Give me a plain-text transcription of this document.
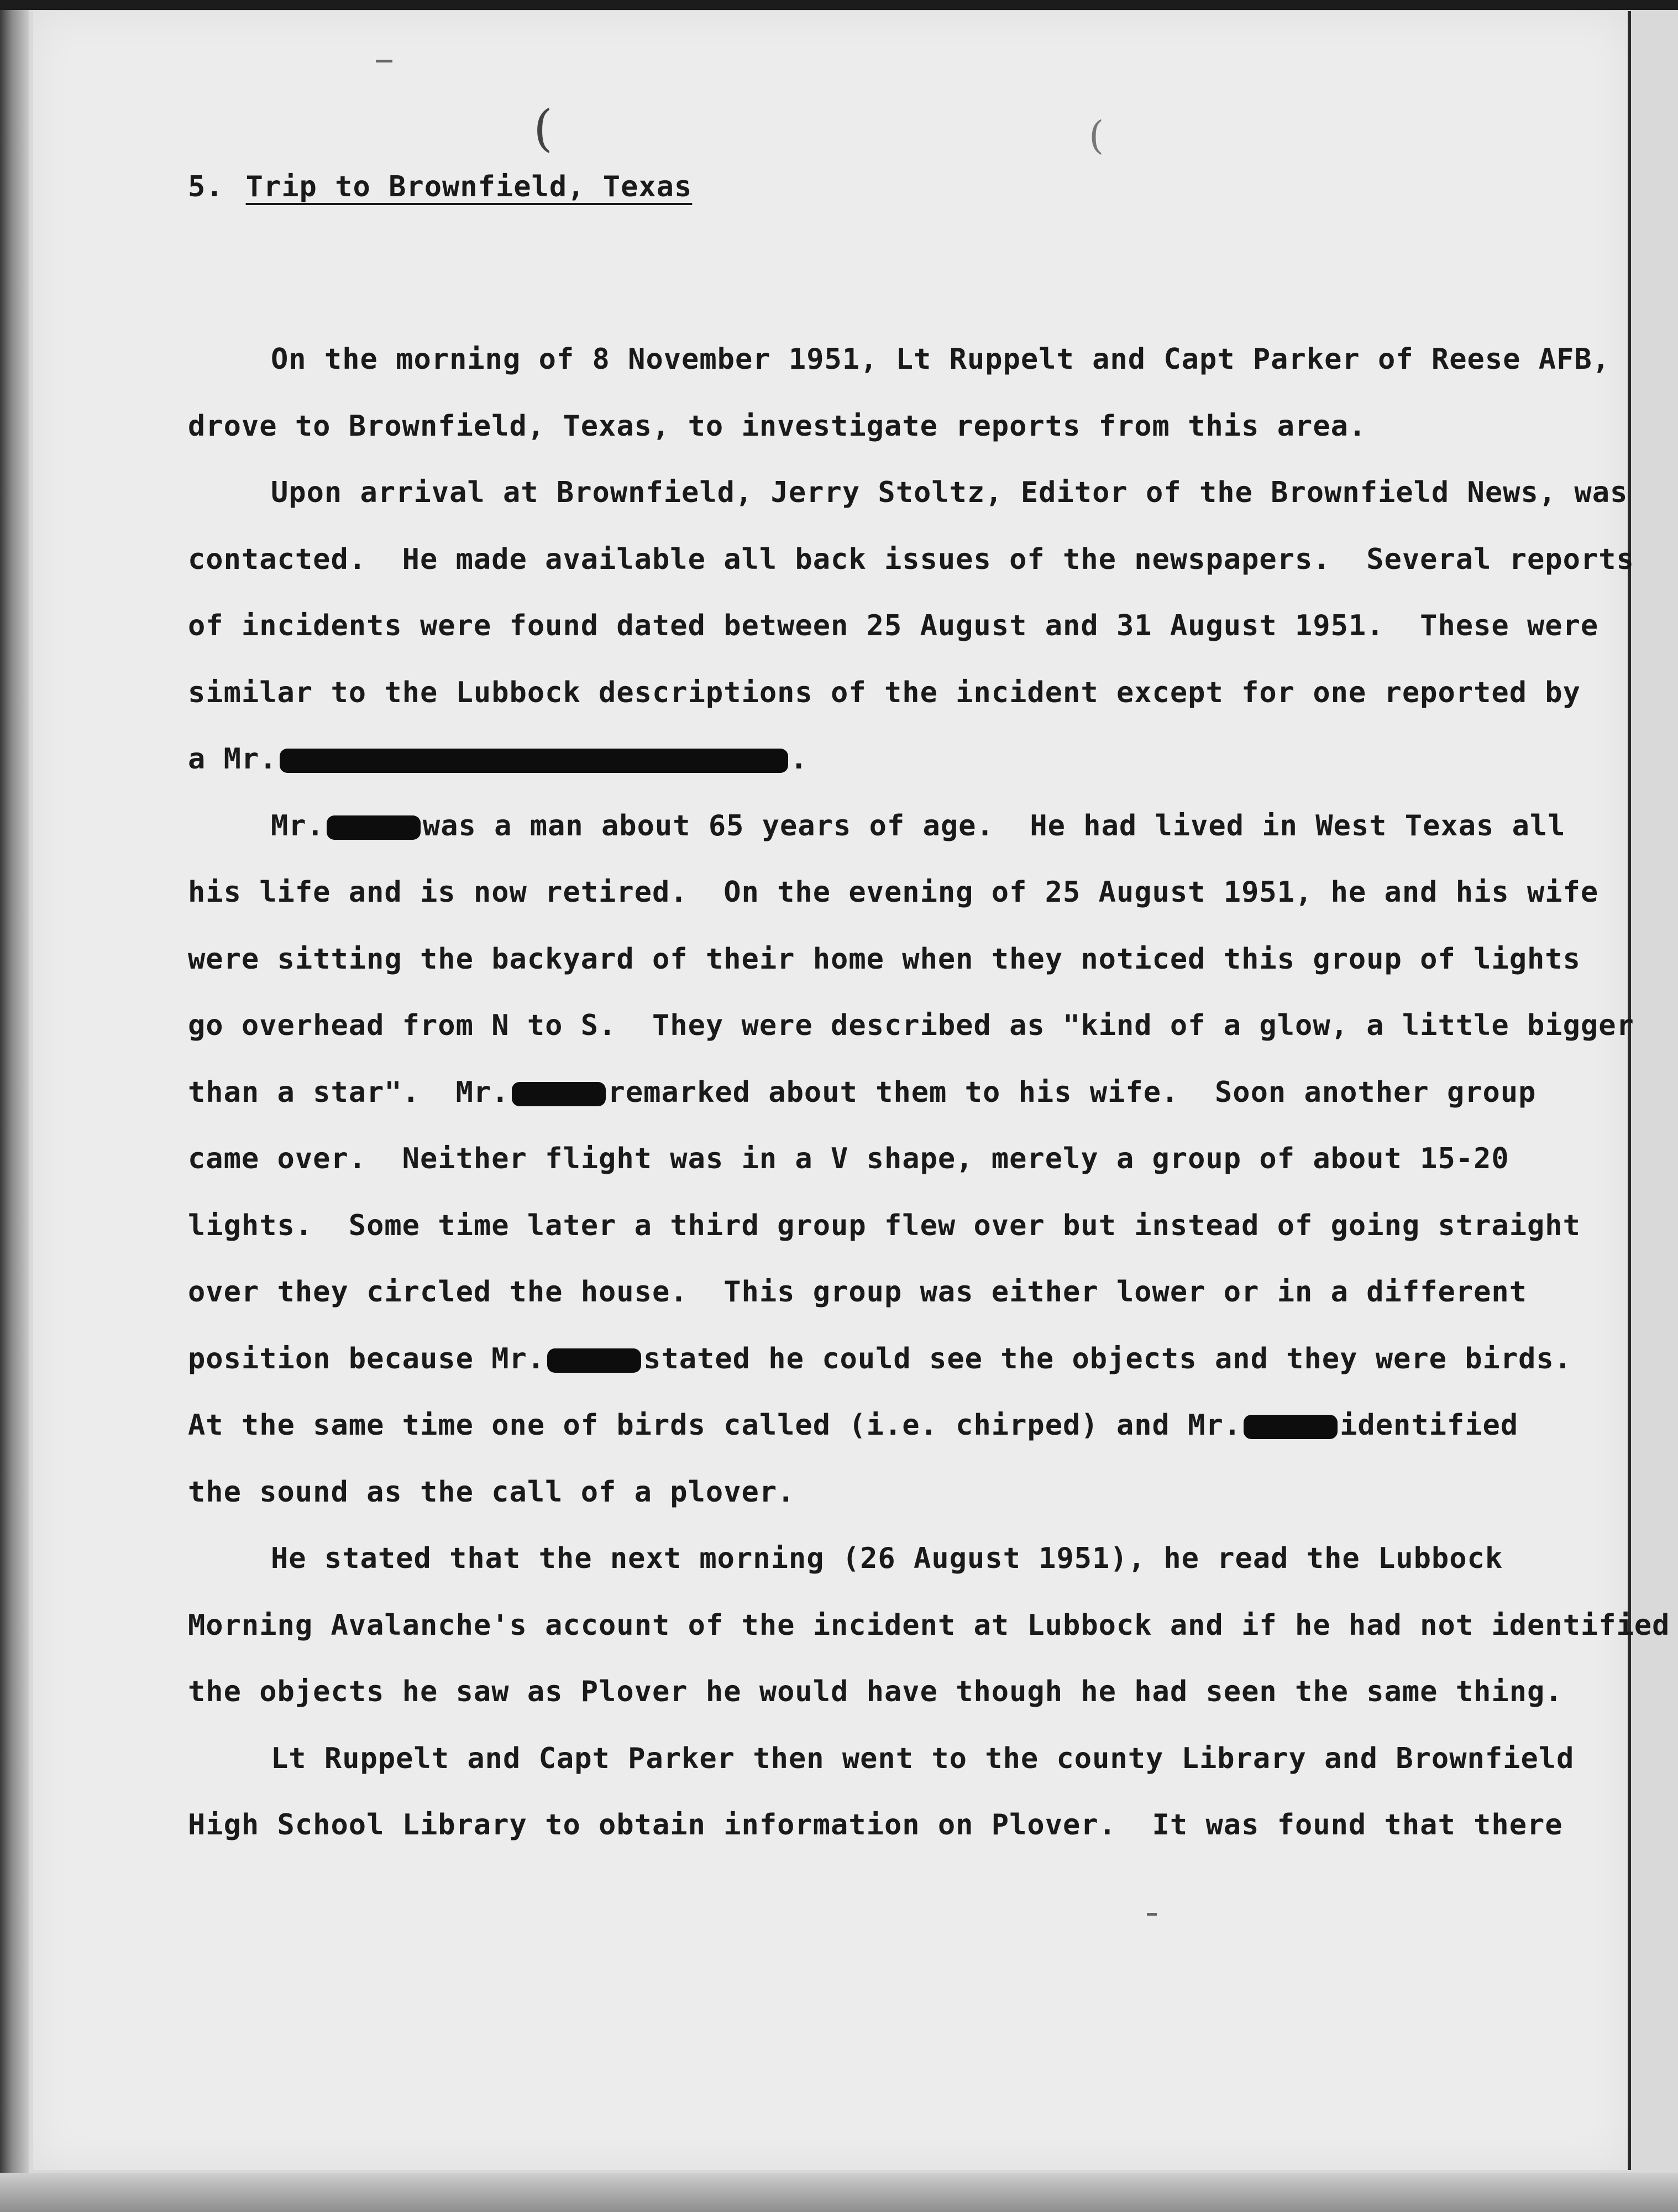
(	(
5. Trip to Brownfield, Texas
On the morning of 8 November 1951, Lt Ruppelt and Capt Parker of Reese AFB,
drove to Brownfield, Texas, to investigate reports from this area.
Upon arrival at Brownfield, Jerry Stoltz, Editor of the Brownfield News, was
contacted.  He made available all back issues of the newspapers.  Several reports
of incidents were found dated between 25 August and 31 August 1951.  These were
similar to the Lubbock descriptions of the incident except for one reported by
a Mr.	.
Mr.	was a man about 65 years of age.  He had lived in West Texas all
his life and is now retired.  On the evening of 25 August 1951, he and his wife
were sitting the backyard of their home when they noticed this group of lights
go overhead from N to S.  They were described as "kind of a glow, a little bigger
than a star".  Mr.	remarked about them to his wife.  Soon another group
came over.  Neither flight was in a V shape, merely a group of about 15-20
lights.  Some time later a third group flew over but instead of going straight
over they circled the house.  This group was either lower or in a different
position because Mr.	stated he could see the objects and they were birds.
At the same time one of birds called (i.e. chirped) and Mr.	identified
the sound as the call of a plover.
He stated that the next morning (26 August 1951), he read the Lubbock
Morning Avalanche's account of the incident at Lubbock and if he had not identified
the objects he saw as Plover he would have though he had seen the same thing.
Lt Ruppelt and Capt Parker then went to the county Library and Brownfield
High School Library to obtain information on Plover.  It was found that there
